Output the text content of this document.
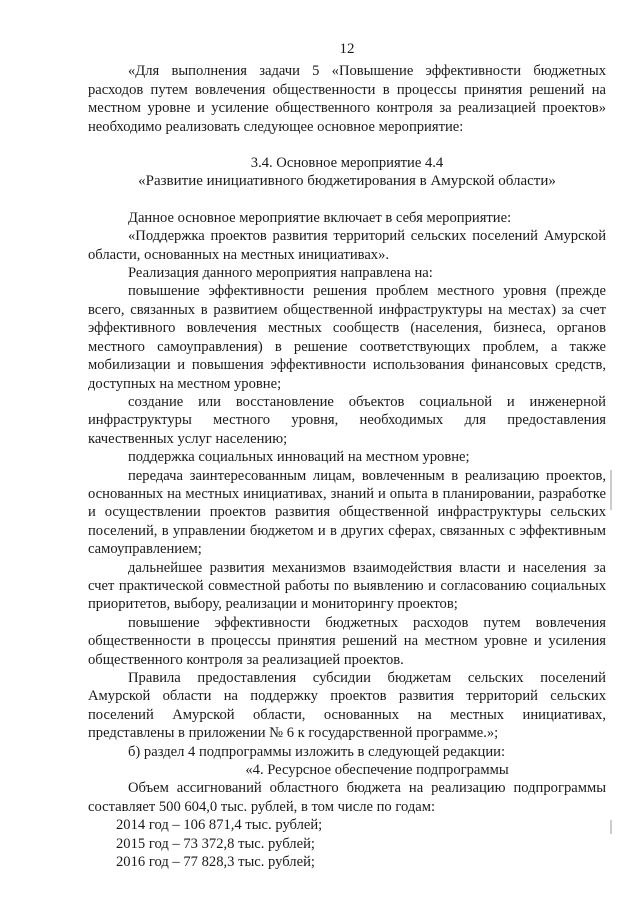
12

«Для выполнения задачи 5 «Повышение эффективности бюджетных расходов путем вовлечения общественности в процессы принятия решений на местном уровне и усиление общественного контроля за реализацией проектов» необходимо реализовать следующее основное мероприятие:

3.4. Основное мероприятие 4.4

«Развитие инициативного бюджетирования в Амурской области»

Данное основное мероприятие включает в себя мероприятие:

«Поддержка проектов развития территорий сельских поселений Амурской области, основанных на местных инициативах».

Реализация данного мероприятия направлена на:

повышение эффективности решения проблем местного уровня (прежде всего, связанных в развитием общественной инфраструктуры на местах) за счет эффективного вовлечения местных сообществ (населения, бизнеса, органов местного самоуправления) в решение соответствующих проблем, а также мобилизации и повышения эффективности использования финансовых средств, доступных на местном уровне;

создание или восстановление объектов социальной и инженерной инфраструктуры местного уровня, необходимых для предоставления качественных услуг населению;

поддержка социальных инноваций на местном уровне;

передача заинтересованным лицам, вовлеченным в реализацию проектов, основанных на местных инициативах, знаний и опыта в планировании, разработке и осуществлении проектов развития общественной инфраструктуры сельских поселений, в управлении бюджетом и в других сферах, связанных с эффективным самоуправлением;

дальнейшее развития механизмов взаимодействия власти и населения за счет практической совместной работы по выявлению и согласованию социальных приоритетов, выбору, реализации и мониторингу проектов;

повышение эффективности бюджетных расходов путем вовлечения общественности в процессы принятия решений на местном уровне и усиления общественного контроля за реализацией проектов.

Правила предоставления субсидии бюджетам сельских поселений Амурской области на поддержку проектов развития территорий сельских поселений Амурской области, основанных на местных инициативах, представлены в приложении № 6 к государственной программе.»;

б) раздел 4 подпрограммы изложить в следующей редакции:

«4. Ресурсное обеспечение подпрограммы

Объем ассигнований областного бюджета на реализацию подпрограммы составляет 500 604,0 тыс. рублей, в том числе по годам:

2014 год – 106 871,4 тыс. рублей;

2015 год – 73 372,8 тыс. рублей;

2016 год – 77 828,3 тыс. рублей;
